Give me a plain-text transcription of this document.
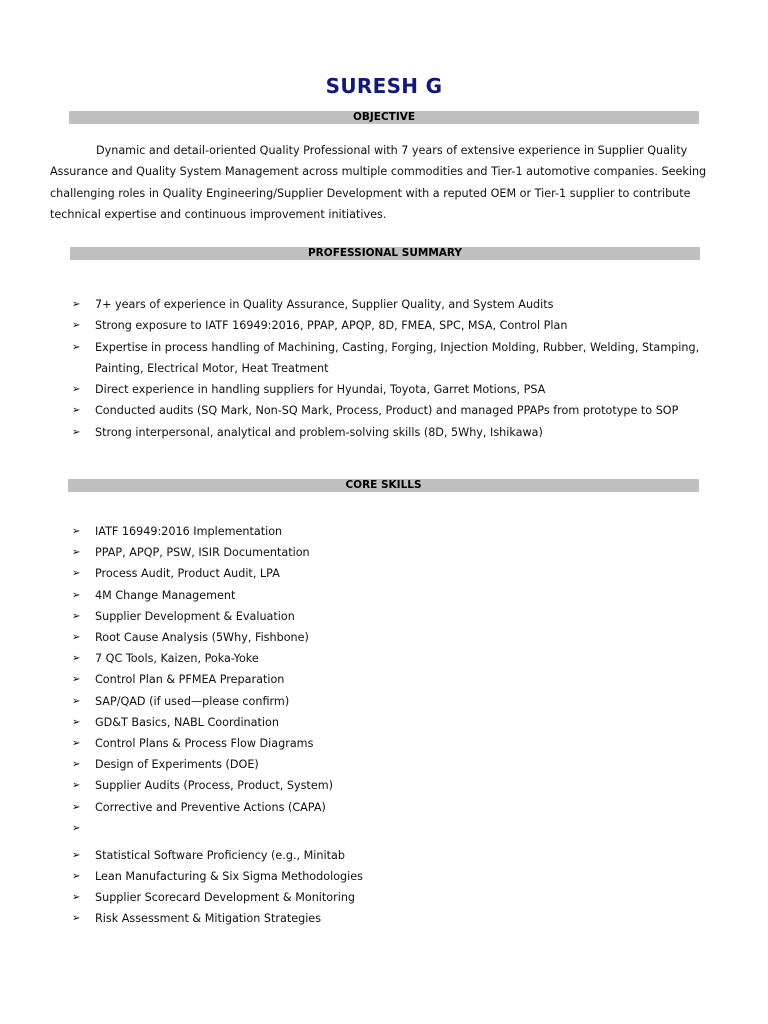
SURESH G
OBJECTIVE

Dynamic and detail-oriented Quality Professional with 7 years of extensive experience in Supplier Quality Assurance and Quality System Management across multiple commodities and Tier-1 automotive companies. Seeking challenging roles in Quality Engineering/Supplier Development with a reputed OEM or Tier-1 supplier to contribute technical expertise and continuous improvement initiatives.

PROFESSIONAL SUMMARY
➢ 7+ years of experience in Quality Assurance, Supplier Quality, and System Audits
➢ Strong exposure to IATF 16949:2016, PPAP, APQP, 8D, FMEA, SPC, MSA, Control Plan
➢ Expertise in process handling of Machining, Casting, Forging, Injection Molding, Rubber, Welding, Stamping, Painting, Electrical Motor, Heat Treatment
➢ Direct experience in handling suppliers for Hyundai, Toyota, Garret Motions, PSA
➢ Conducted audits (SQ Mark, Non-SQ Mark, Process, Product) and managed PPAPs from prototype to SOP
➢ Strong interpersonal, analytical and problem-solving skills (8D, 5Why, Ishikawa)
CORE SKILLS
➢ IATF 16949:2016 Implementation
➢ PPAP, APQP, PSW, ISIR Documentation
➢ Process Audit, Product Audit, LPA
➢ 4M Change Management
➢ Supplier Development & Evaluation
➢ Root Cause Analysis (5Why, Fishbone)
➢ 7 QC Tools, Kaizen, Poka-Yoke
➢ Control Plan & PFMEA Preparation
➢ SAP/QAD (if used—please confirm)
➢ GD&T Basics, NABL Coordination
➢ Control Plans & Process Flow Diagrams
➢ Design of Experiments (DOE)
➢ Supplier Audits (Process, Product, System)
➢ Corrective and Preventive Actions (CAPA)
➢
➢ Statistical Software Proficiency (e.g., Minitab
➢ Lean Manufacturing & Six Sigma Methodologies
➢ Supplier Scorecard Development & Monitoring
➢ Risk Assessment & Mitigation Strategies
